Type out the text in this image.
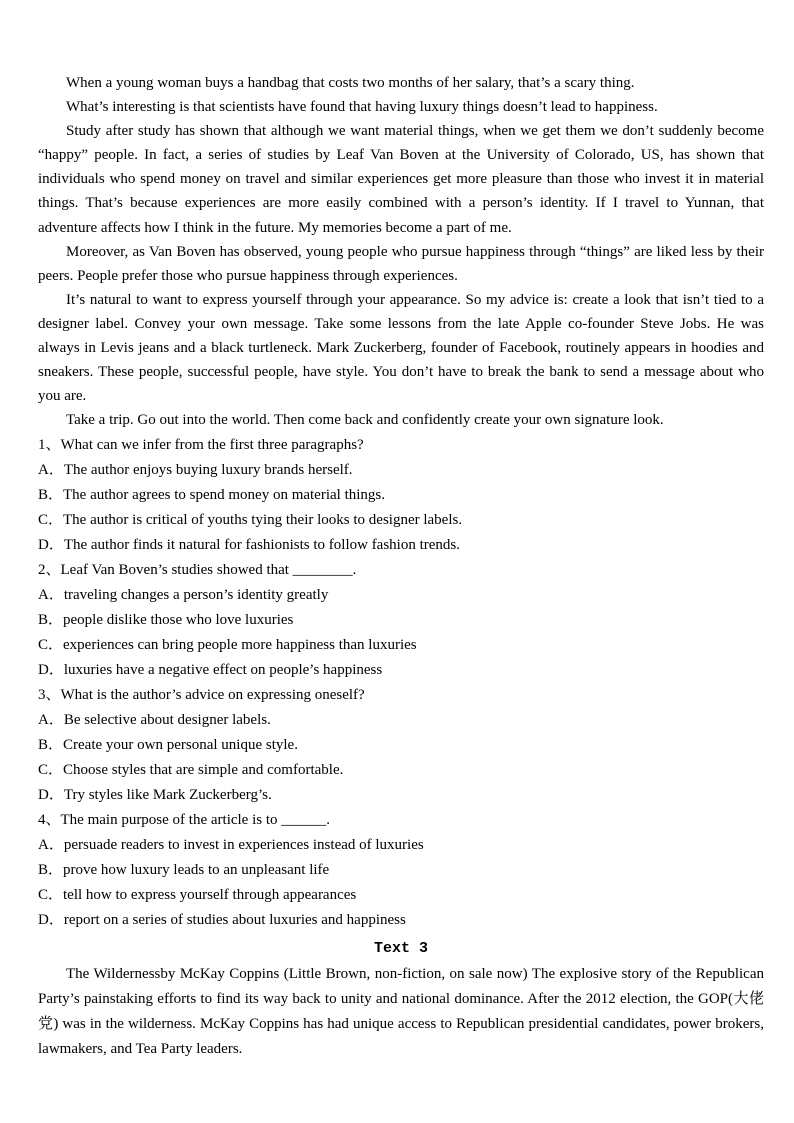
When a young woman buys a handbag that costs two months of her salary, that’s a scary thing.

What’s interesting is that scientists have found that having luxury things doesn’t lead to happiness.

Study after study has shown that although we want material things, when we get them we don’t suddenly become “happy” people. In fact, a series of studies by Leaf Van Boven at the University of Colorado, US, has shown that individuals who spend money on travel and similar experiences get more pleasure than those who invest it in material things. That’s because experiences are more easily combined with a person’s identity. If I travel to Yunnan, that adventure affects how I think in the future. My memories become a part of me.

Moreover, as Van Boven has observed, young people who pursue happiness through “things” are liked less by their peers. People prefer those who pursue happiness through experiences.

It’s natural to want to express yourself through your appearance. So my advice is: create a look that isn’t tied to a designer label. Convey your own message. Take some lessons from the late Apple co-founder Steve Jobs. He was always in Levis jeans and a black turtleneck. Mark Zuckerberg, founder of Facebook, routinely appears in hoodies and sneakers. These people, successful people, have style. You don’t have to break the bank to send a message about who you are.

Take a trip. Go out into the world. Then come back and confidently create your own signature look.

1、What can we infer from the first three paragraphs?
A．The author enjoys buying luxury brands herself.
B．The author agrees to spend money on material things.
C．The author is critical of youths tying their looks to designer labels.
D．The author finds it natural for fashionists to follow fashion trends.
2、Leaf Van Boven’s studies showed that ________.
A．traveling changes a person’s identity greatly
B．people dislike those who love luxuries
C．experiences can bring people more happiness than luxuries
D．luxuries have a negative effect on people’s happiness
3、What is the author’s advice on expressing oneself?
A．Be selective about designer labels.
B．Create your own personal unique style.
C．Choose styles that are simple and comfortable.
D．Try styles like Mark Zuckerberg’s.
4、The main purpose of the article is to ______.
A．persuade readers to invest in experiences instead of luxuries
B．prove how luxury leads to an unpleasant life
C．tell how to express yourself through appearances
D．report on a series of studies about luxuries and happiness
Text 3

The Wildernessby McKay Coppins (Little Brown, non-fiction, on sale now) The explosive story of the Republican Party’s painstaking efforts to find its way back to unity and national dominance. After the 2012 election, the GOP(大佬党) was in the wilderness. McKay Coppins has had unique access to Republican presidential candidates, power brokers, lawmakers, and Tea Party leaders.
